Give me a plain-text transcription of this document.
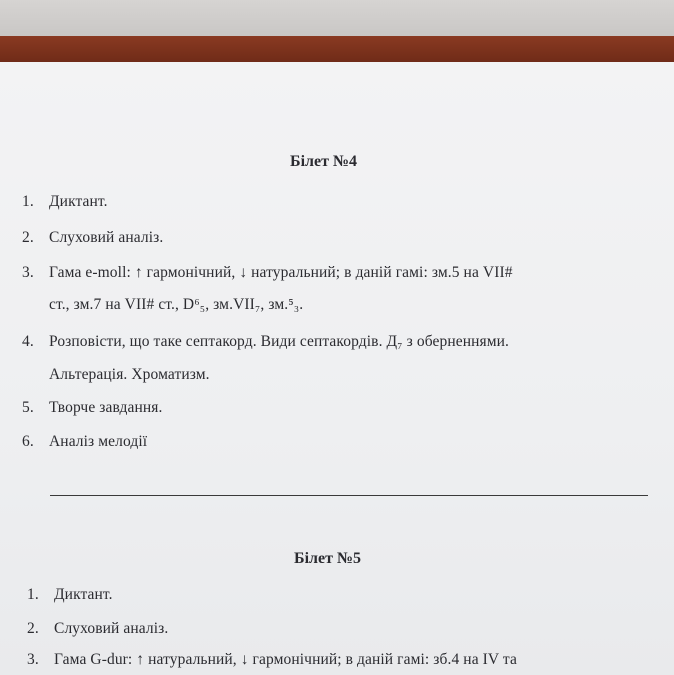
Білет №4
1. Диктант.
2. Слуховий аналіз.
3. Гама e-moll: ↑ гармонічний, ↓ натуральний; в даній гамі: зм.5 на VII#
ст., зм.7 на VII# ст., D⁶₅, зм.VII₇, зм.⁵₃.
4. Розповісти, що таке септакорд. Види септакордів. Д₇ з оберненнями.
Альтерація. Хроматизм.
5. Творче завдання.
6. Аналіз мелодії
Білет №5
1. Диктант.
2. Слуховий аналіз.
3. Гама G-dur: ↑ натуральний, ↓ гармонічний; в даній гамі: зб.4 на IV та
